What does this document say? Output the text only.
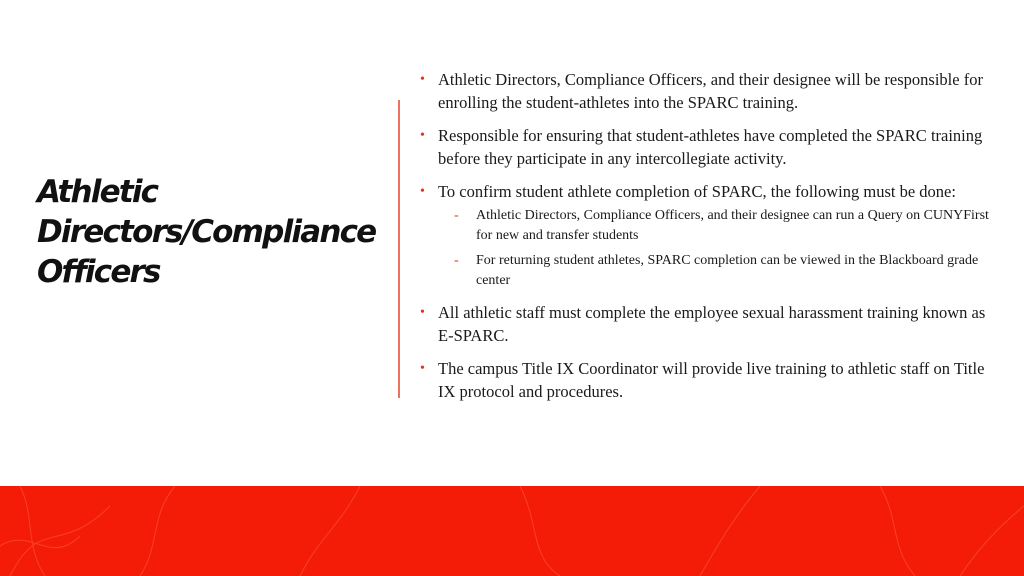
Athletic Directors/Compliance Officers
• Athletic Directors, Compliance Officers, and their designee will be responsible for enrolling the student-athletes into the SPARC training.
• Responsible for ensuring that student-athletes have completed the SPARC training before they participate in any intercollegiate activity.
• To confirm student athlete completion of SPARC, the following must be done:
- Athletic Directors, Compliance Officers, and their designee can run a Query on CUNYFirst for new and transfer students
- For returning student athletes, SPARC completion can be viewed in the Blackboard grade center
• All athletic staff must complete the employee sexual harassment training known as E-SPARC.
• The campus Title IX Coordinator will provide live training to athletic staff on Title IX protocol and procedures.
